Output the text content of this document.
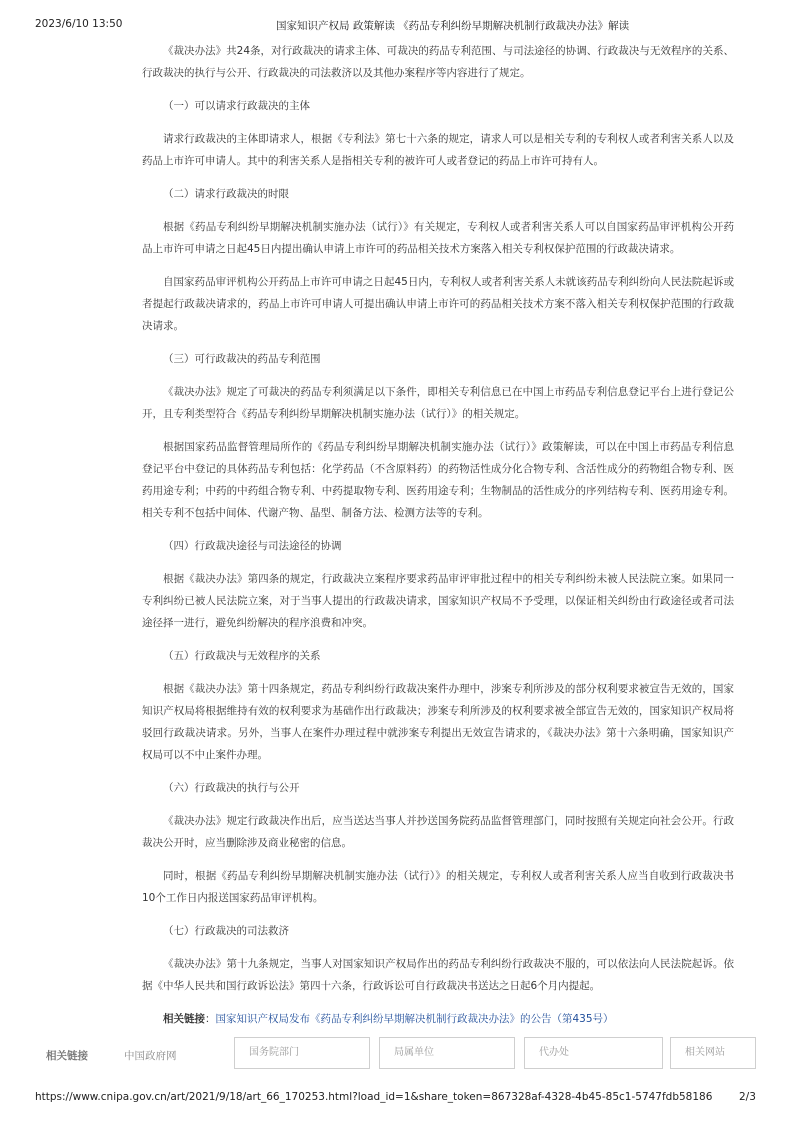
2023/6/10 13:50	国家知识产权局 政策解读 《药品专利纠纷早期解决机制行政裁决办法》解读

《裁决办法》共24条，对行政裁决的请求主体、可裁决的药品专利范围、与司法途径的协调、行政裁决与无效程序的关系、行政裁决的执行与公开、行政裁决的司法救济以及其他办案程序等内容进行了规定。

（一）可以请求行政裁决的主体

请求行政裁决的主体即请求人，根据《专利法》第七十六条的规定，请求人可以是相关专利的专利权人或者利害关系人以及药品上市许可申请人。其中的利害关系人是指相关专利的被许可人或者登记的药品上市许可持有人。

（二）请求行政裁决的时限

根据《药品专利纠纷早期解决机制实施办法（试行）》有关规定，专利权人或者利害关系人可以自国家药品审评机构公开药品上市许可申请之日起45日内提出确认申请上市许可的药品相关技术方案落入相关专利权保护范围的行政裁决请求。

自国家药品审评机构公开药品上市许可申请之日起45日内，专利权人或者利害关系人未就该药品专利纠纷向人民法院起诉或者提起行政裁决请求的，药品上市许可申请人可提出确认申请上市许可的药品相关技术方案不落入相关专利权保护范围的行政裁决请求。

（三）可行政裁决的药品专利范围

《裁决办法》规定了可裁决的药品专利须满足以下条件，即相关专利信息已在中国上市药品专利信息登记平台上进行登记公开，且专利类型符合《药品专利纠纷早期解决机制实施办法（试行）》的相关规定。

根据国家药品监督管理局所作的《药品专利纠纷早期解决机制实施办法（试行）》政策解读，可以在中国上市药品专利信息登记平台中登记的具体药品专利包括：化学药品（不含原料药）的药物活性成分化合物专利、含活性成分的药物组合物专利、医药用途专利；中药的中药组合物专利、中药提取物专利、医药用途专利；生物制品的活性成分的序列结构专利、医药用途专利。相关专利不包括中间体、代谢产物、晶型、制备方法、检测方法等的专利。

（四）行政裁决途径与司法途径的协调

根据《裁决办法》第四条的规定，行政裁决立案程序要求药品审评审批过程中的相关专利纠纷未被人民法院立案。如果同一专利纠纷已被人民法院立案，对于当事人提出的行政裁决请求，国家知识产权局不予受理，以保证相关纠纷由行政途径或者司法途径择一进行，避免纠纷解决的程序浪费和冲突。

（五）行政裁决与无效程序的关系

根据《裁决办法》第十四条规定，药品专利纠纷行政裁决案件办理中，涉案专利所涉及的部分权利要求被宣告无效的，国家知识产权局将根据维持有效的权利要求为基础作出行政裁决；涉案专利所涉及的权利要求被全部宣告无效的，国家知识产权局将驳回行政裁决请求。另外，当事人在案件办理过程中就涉案专利提出无效宣告请求的，《裁决办法》第十六条明确，国家知识产权局可以不中止案件办理。

（六）行政裁决的执行与公开

《裁决办法》规定行政裁决作出后，应当送达当事人并抄送国务院药品监督管理部门，同时按照有关规定向社会公开。行政裁决公开时，应当删除涉及商业秘密的信息。

同时，根据《药品专利纠纷早期解决机制实施办法（试行）》的相关规定，专利权人或者利害关系人应当自收到行政裁决书10个工作日内报送国家药品审评机构。

（七）行政裁决的司法救济

《裁决办法》第十九条规定，当事人对国家知识产权局作出的药品专利纠纷行政裁决不服的，可以依法向人民法院起诉。依据《中华人民共和国行政诉讼法》第四十六条，行政诉讼可自行政裁决书送达之日起6个月内提起。

相关链接：国家知识产权局发布《药品专利纠纷早期解决机制行政裁决办法》的公告（第435号）
相关链接	中国政府网	国务院部门	局属单位	代办处	相关网站
https://www.cnipa.gov.cn/art/2021/9/18/art_66_170253.html?load_id=1&share_token=867328af-4328-4b45-85c1-5747fdb58186	2/3
